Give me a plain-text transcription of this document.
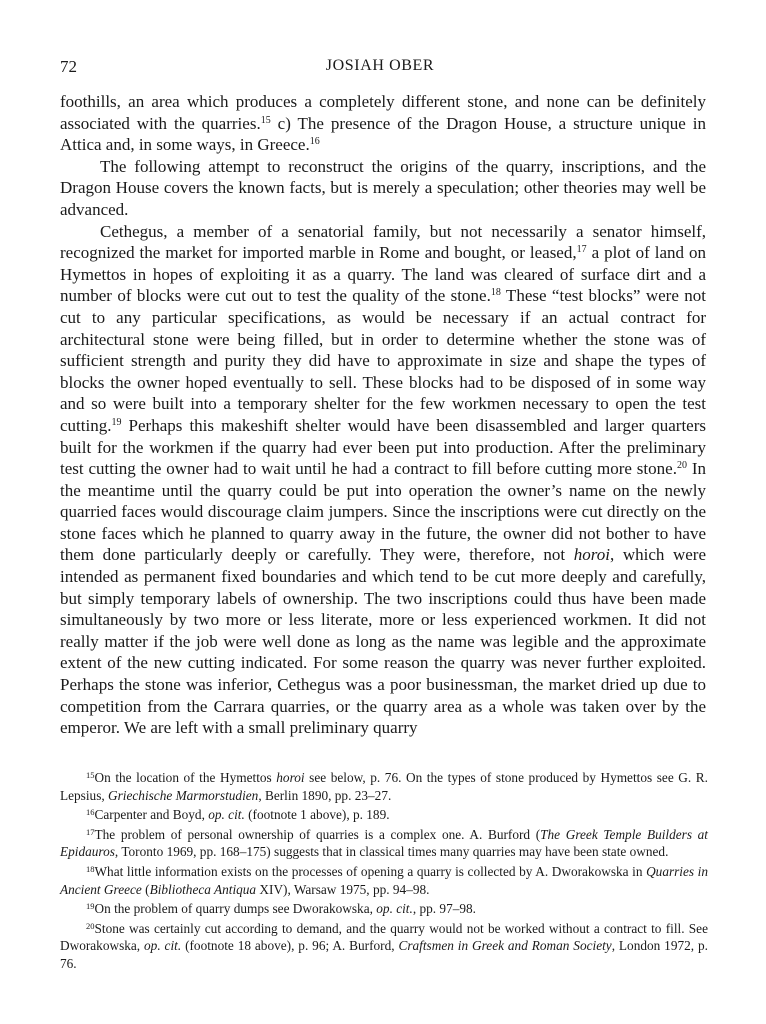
72	JOSIAH OBER

foothills, an area which produces a completely different stone, and none can be definitely associated with the quarries.$^{15}$ c) The presence of the Dragon House, a structure unique in Attica and, in some ways, in Greece.$^{16}$

The following attempt to reconstruct the origins of the quarry, inscriptions, and the Dragon House covers the known facts, but is merely a speculation; other theories may well be advanced.

Cethegus, a member of a senatorial family, but not necessarily a senator himself, recognized the market for imported marble in Rome and bought, or leased,$^{17}$ a plot of land on Hymettos in hopes of exploiting it as a quarry. The land was cleared of surface dirt and a number of blocks were cut out to test the quality of the stone.$^{18}$ These “test blocks” were not cut to any particular specifications, as would be necessary if an actual contract for architectural stone were being filled, but in order to determine whether the stone was of sufficient strength and purity they did have to approximate in size and shape the types of blocks the owner hoped eventually to sell. These blocks had to be disposed of in some way and so were built into a temporary shelter for the few workmen necessary to open the test cutting.$^{19}$ Perhaps this makeshift shelter would have been disassembled and larger quarters built for the workmen if the quarry had ever been put into production. After the preliminary test cutting the owner had to wait until he had a contract to fill before cutting more stone.$^{20}$ In the meantime until the quarry could be put into operation the owner’s name on the newly quarried faces would discourage claim jumpers. Since the inscriptions were cut directly on the stone faces which he planned to quarry away in the future, the owner did not bother to have them done particularly deeply or carefully. They were, therefore, not horoi, which were intended as permanent fixed boundaries and which tend to be cut more deeply and carefully, but simply temporary labels of ownership. The two inscriptions could thus have been made simultaneously by two more or less literate, more or less experienced workmen. It did not really matter if the job were well done as long as the name was legible and the approximate extent of the new cutting indicated. For some reason the quarry was never further exploited. Perhaps the stone was inferior, Cethegus was a poor businessman, the market dried up due to competition from the Carrara quarries, or the quarry area as a whole was taken over by the emperor. We are left with a small preliminary quarry

$^{15}$On the location of the Hymettos horoi see below, p. 76. On the types of stone produced by Hymettos see G. R. Lepsius, Griechische Marmorstudien, Berlin 1890, pp. 23–27.

$^{16}$Carpenter and Boyd, op. cit. (footnote 1 above), p. 189.

$^{17}$The problem of personal ownership of quarries is a complex one. A. Burford (The Greek Temple Builders at Epidauros, Toronto 1969, pp. 168–175) suggests that in classical times many quarries may have been state owned.

$^{18}$What little information exists on the processes of opening a quarry is collected by A. Dworakowska in Quarries in Ancient Greece (Bibliotheca Antiqua XIV), Warsaw 1975, pp. 94–98.

$^{19}$On the problem of quarry dumps see Dworakowska, op. cit., pp. 97–98.

$^{20}$Stone was certainly cut according to demand, and the quarry would not be worked without a contract to fill. See Dworakowska, op. cit. (footnote 18 above), p. 96; A. Burford, Craftsmen in Greek and Roman Society, London 1972, p. 76.
